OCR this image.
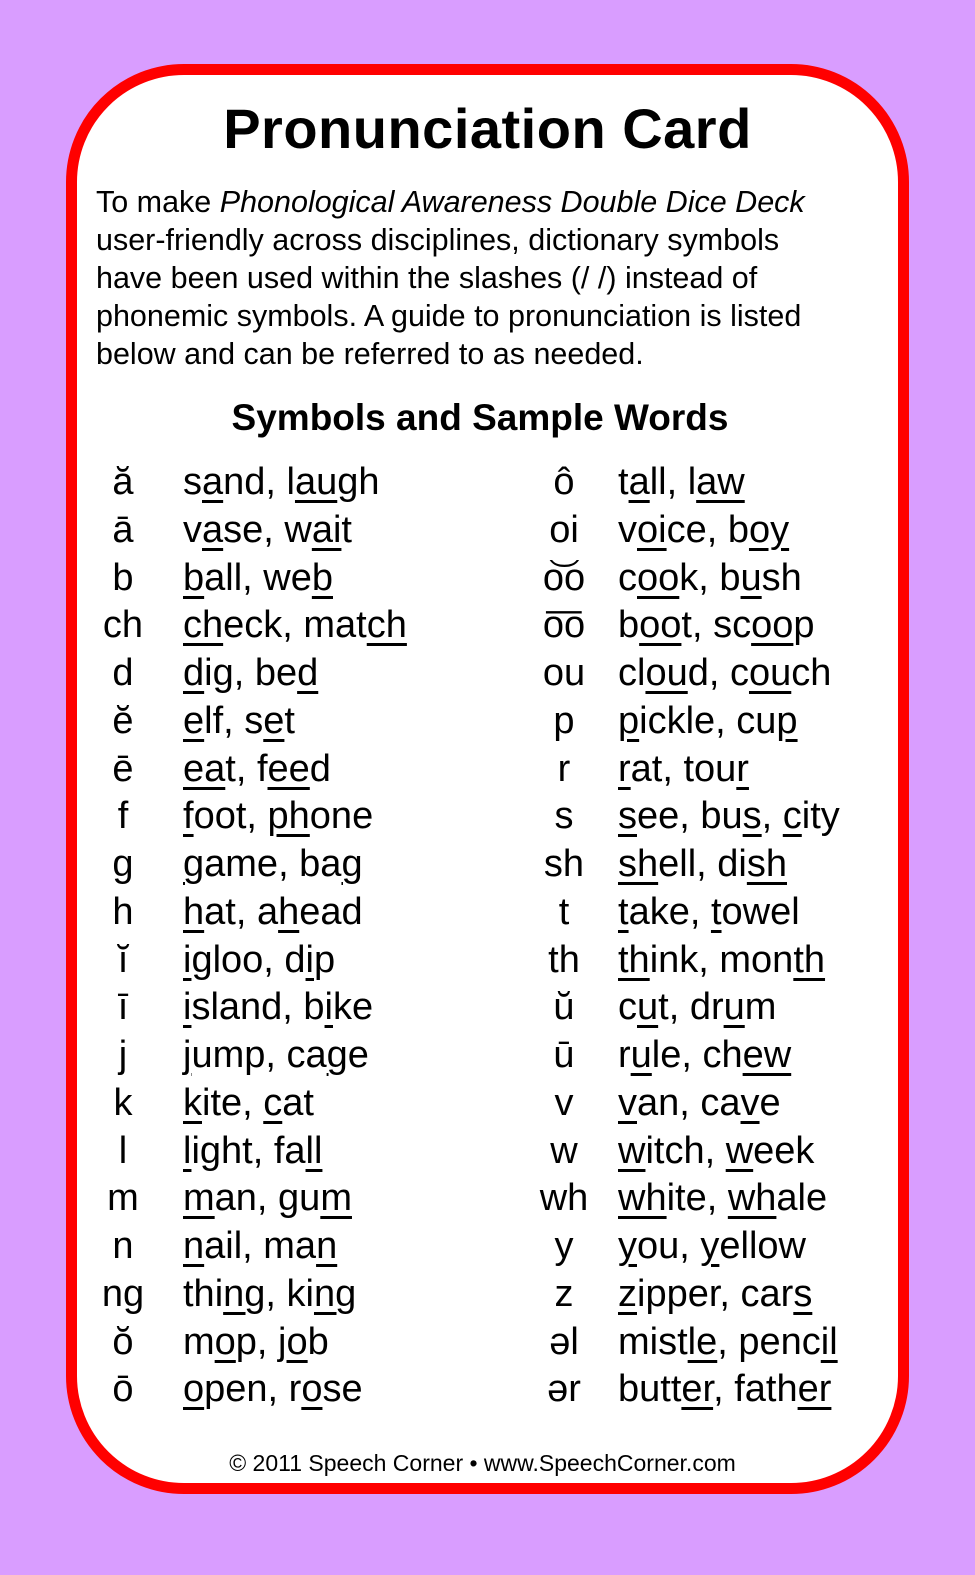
Pronunciation Card

To make Phonological Awareness Double Dice Deck

user-friendly across disciplines, dictionary symbols

have been used within the slashes (/ /) instead of

phonemic symbols. A guide to pronunciation is listed

below and can be referred to as needed.

Symbols and Sample Words
ă	sand, laugh
ā	vase, wait
b	ball, web
ch check, match
d	dig, bed
ĕ	elf, set
ē	eat, feed
f	foot, phone
g	game, bag
h	hat, ahead
ĭ	igloo, dip
ī	island, bike
j	jump, cage
k	kite, cat
l	light, fall
m	man, gum
n	nail, man
ng thing, king
ŏ	mop, job
ō	open, rose
ô	tall, law
oi	voice, boy
o͝o cook, bush
o͞o boot, scoop
ou cloud, couch
p	pickle, cup
r	rat, tour
s	see, bus, city
sh shell, dish
t	take, towel
th	think, month
ŭ	cut, drum
ū	rule, chew
v	van, cave
w	witch, week
wh white, whale
y	you, yellow
z	zipper, cars
əl	mistle, pencil
ər butter, father
© 2011 Speech Corner • www.SpeechCorner.com
